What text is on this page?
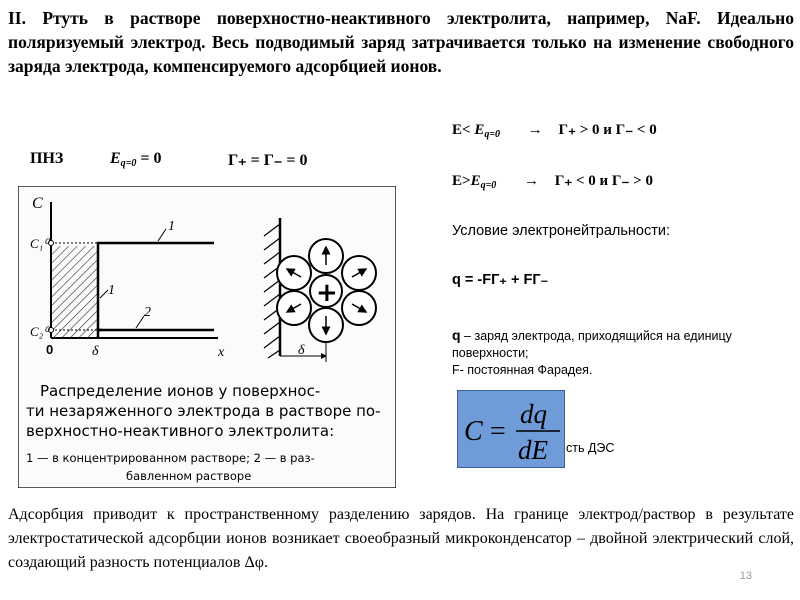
II. Ртуть в растворе поверхностно-неактивного электролита, например, NaF. Идеально поляризуемый электрод. Весь подводимый заряд затрачивается только на изменение свободного заряда электрода, компенсируемого адсорбцией ионов.
ПНЗ	$E_{q=0} = 0$	Г₊ = Г₋ = 0
C
x
C₁⁰
C₂⁰
0	δ
1
1
2
+
δ
Распределение ионов у поверхнос-
ти незаряженного электрода в растворе по-
верхностно-неактивного электролита:
1 — в концентрированном растворе; 2 — в раз-
бавленном растворе
$E< E_{q=0} \to Г_+ > 0$ и Г₋ < 0
$E>E_{q=0} \to Г_+ < 0$ и Г₋ > 0
Условие электронейтральности:
q = -FГ₊ + FГ₋
q – заряд электрода, приходящийся на единицу поверхности;
F- постоянная Фарадея.
C =
dq
dE сть ДЭС
Адсорбция приводит к пространственному разделению зарядов. На границе электрод/раствор в результате электростатической адсорбции ионов возникает своеобразный микроконденсатор – двойной электрический слой, создающий разность потенциалов Δφ.
13
